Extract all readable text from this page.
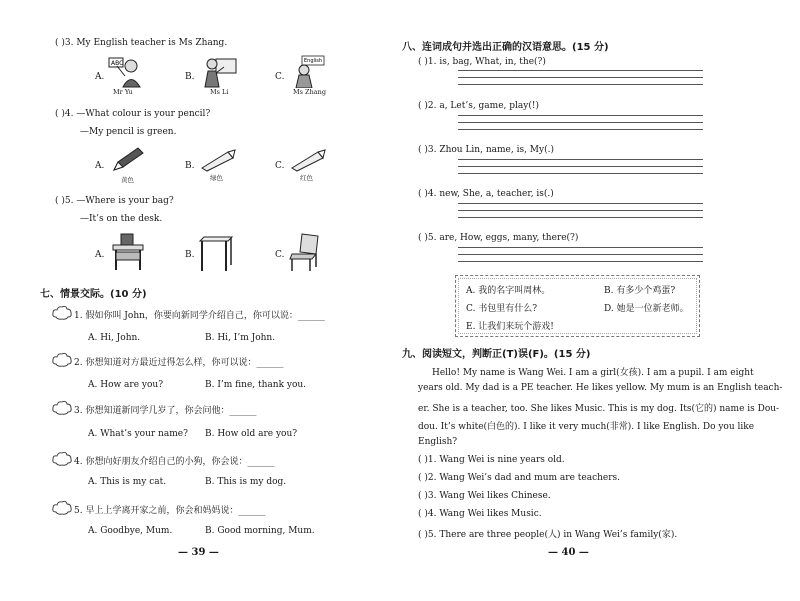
( )3. My English teacher is Ms Zhang.
A.
ABC
Mr Yu
B.
Ms Li
C.
English
Ms Zhang
( )4. —What colour is your pencil?
—My pencil is green.
A.
黄色
B.
绿色
C.
红色
( )5. —Where is your bag?
—It’s on the desk.
A.	B.	C.
七、情景交际。(10 分)
1. 假如你叫 John，你要向新同学介绍自己，你可以说：______
A. Hi, John.	B. Hi, I’m John.
2. 你想知道对方最近过得怎么样，你可以说：______
A. How are you?	B. I’m fine, thank you.
3. 你想知道新同学几岁了，你会问他：______
A. What’s your name? B. How old are you?
4. 你想向好朋友介绍自己的小狗，你会说：______
A. This is my cat.	B. This is my dog.
5. 早上上学离开家之前，你会和妈妈说：______
A. Goodbye, Mum.	B. Good morning, Mum.
— 39 —
八、连词成句并选出正确的汉语意思。(15 分)
( )1. is, bag, What, in, the(?)
( )2. a, Let’s, game, play(!)
( )3. Zhou Lin, name, is, My(.)
( )4. new, She, a, teacher, is(.)
( )5. are, How, eggs, many, there(?)
A. 我的名字叫周林。	B. 有多少个鸡蛋?
C. 书包里有什么?	D. 她是一位新老师。
E. 让我们来玩个游戏!
九、阅读短文，判断正(T)误(F)。(15 分)
Hello! My name is Wang Wei. I am a girl(女孩). I am a pupil. I am eight
years old. My dad is a PE teacher. He likes yellow. My mum is an English teach-
er. She is a teacher, too. She likes Music. This is my dog. Its(它的) name is Dou-
dou. It’s white(白色的). I like it very much(非常). I like English. Do you like
English?
( )1. Wang Wei is nine years old.
( )2. Wang Wei’s dad and mum are teachers.
( )3. Wang Wei likes Chinese.
( )4. Wang Wei likes Music.
( )5. There are three people(人) in Wang Wei’s family(家).
— 40 —
